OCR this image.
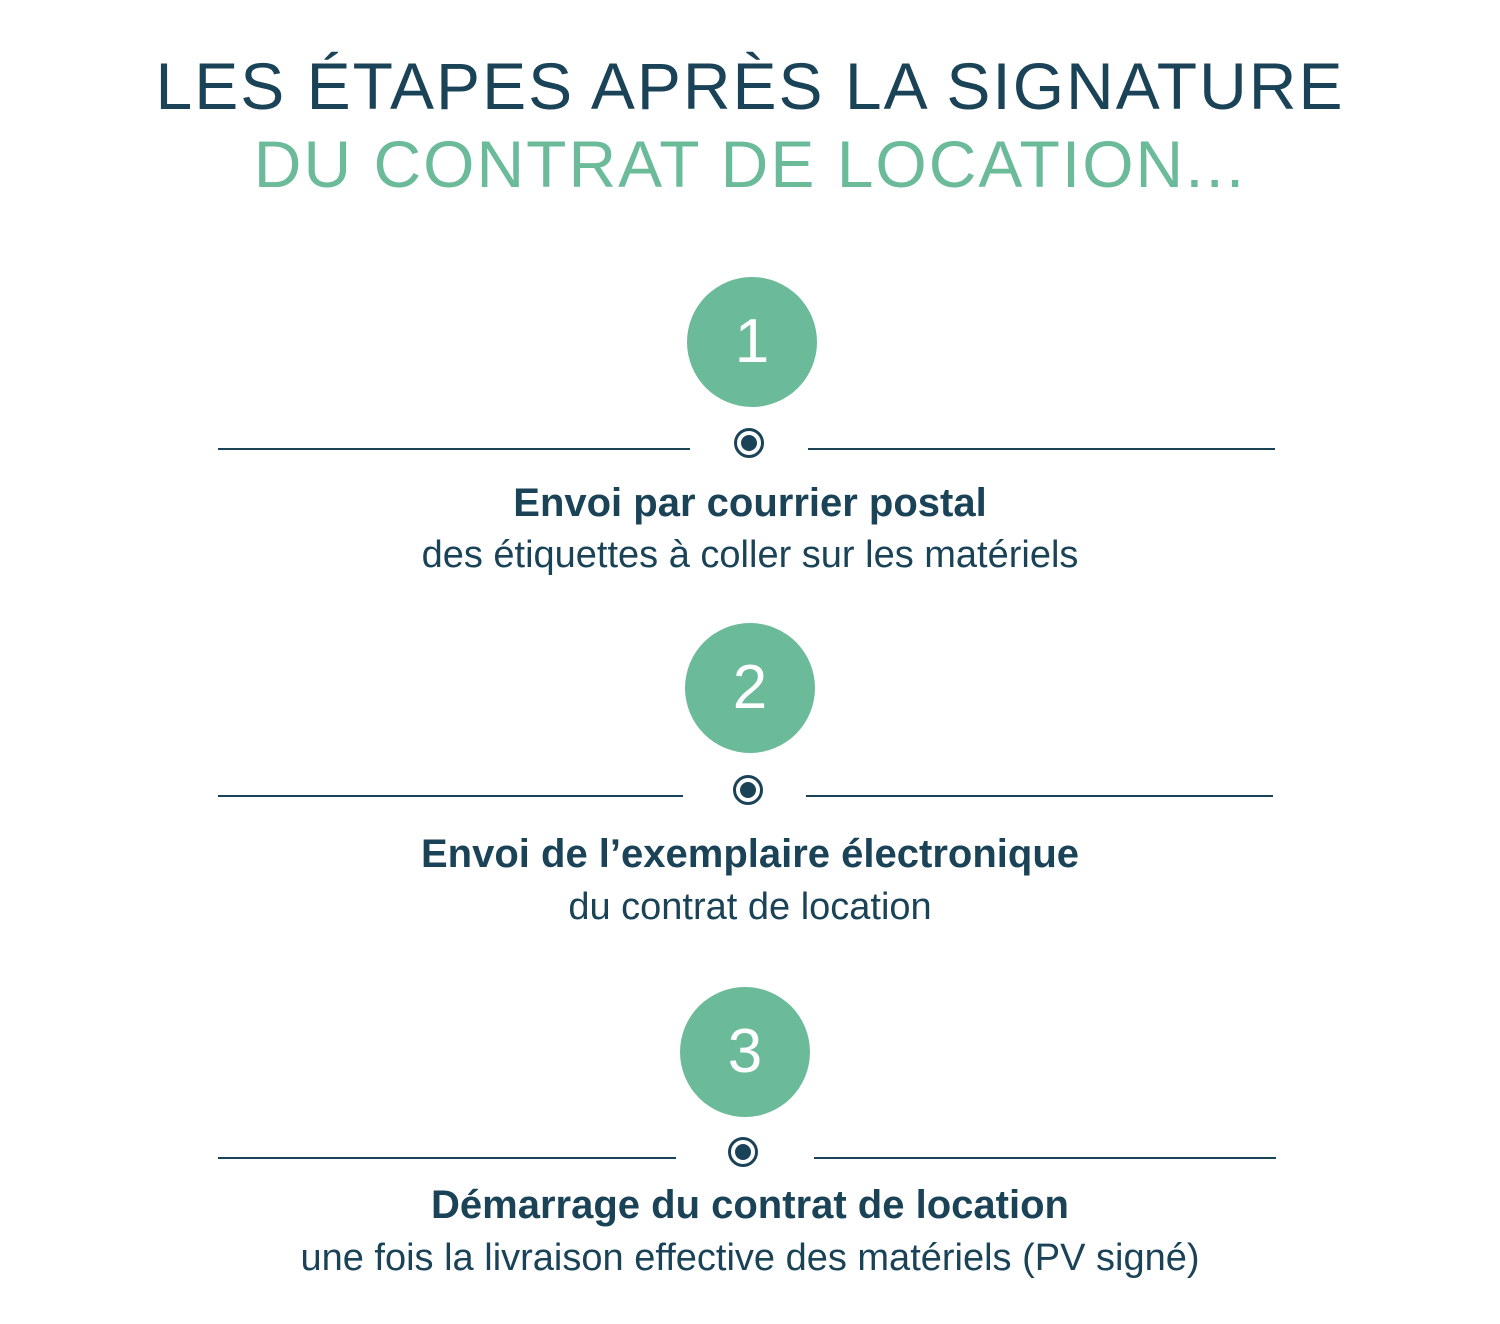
LES ÉTAPES APRÈS LA SIGNATURE
DU CONTRAT DE LOCATION...
1
Envoi par courrier postal
des étiquettes à coller sur les matériels
2
Envoi de l’exemplaire électronique
du contrat de location
3
Démarrage du contrat de location
une fois la livraison effective des matériels (PV signé)
